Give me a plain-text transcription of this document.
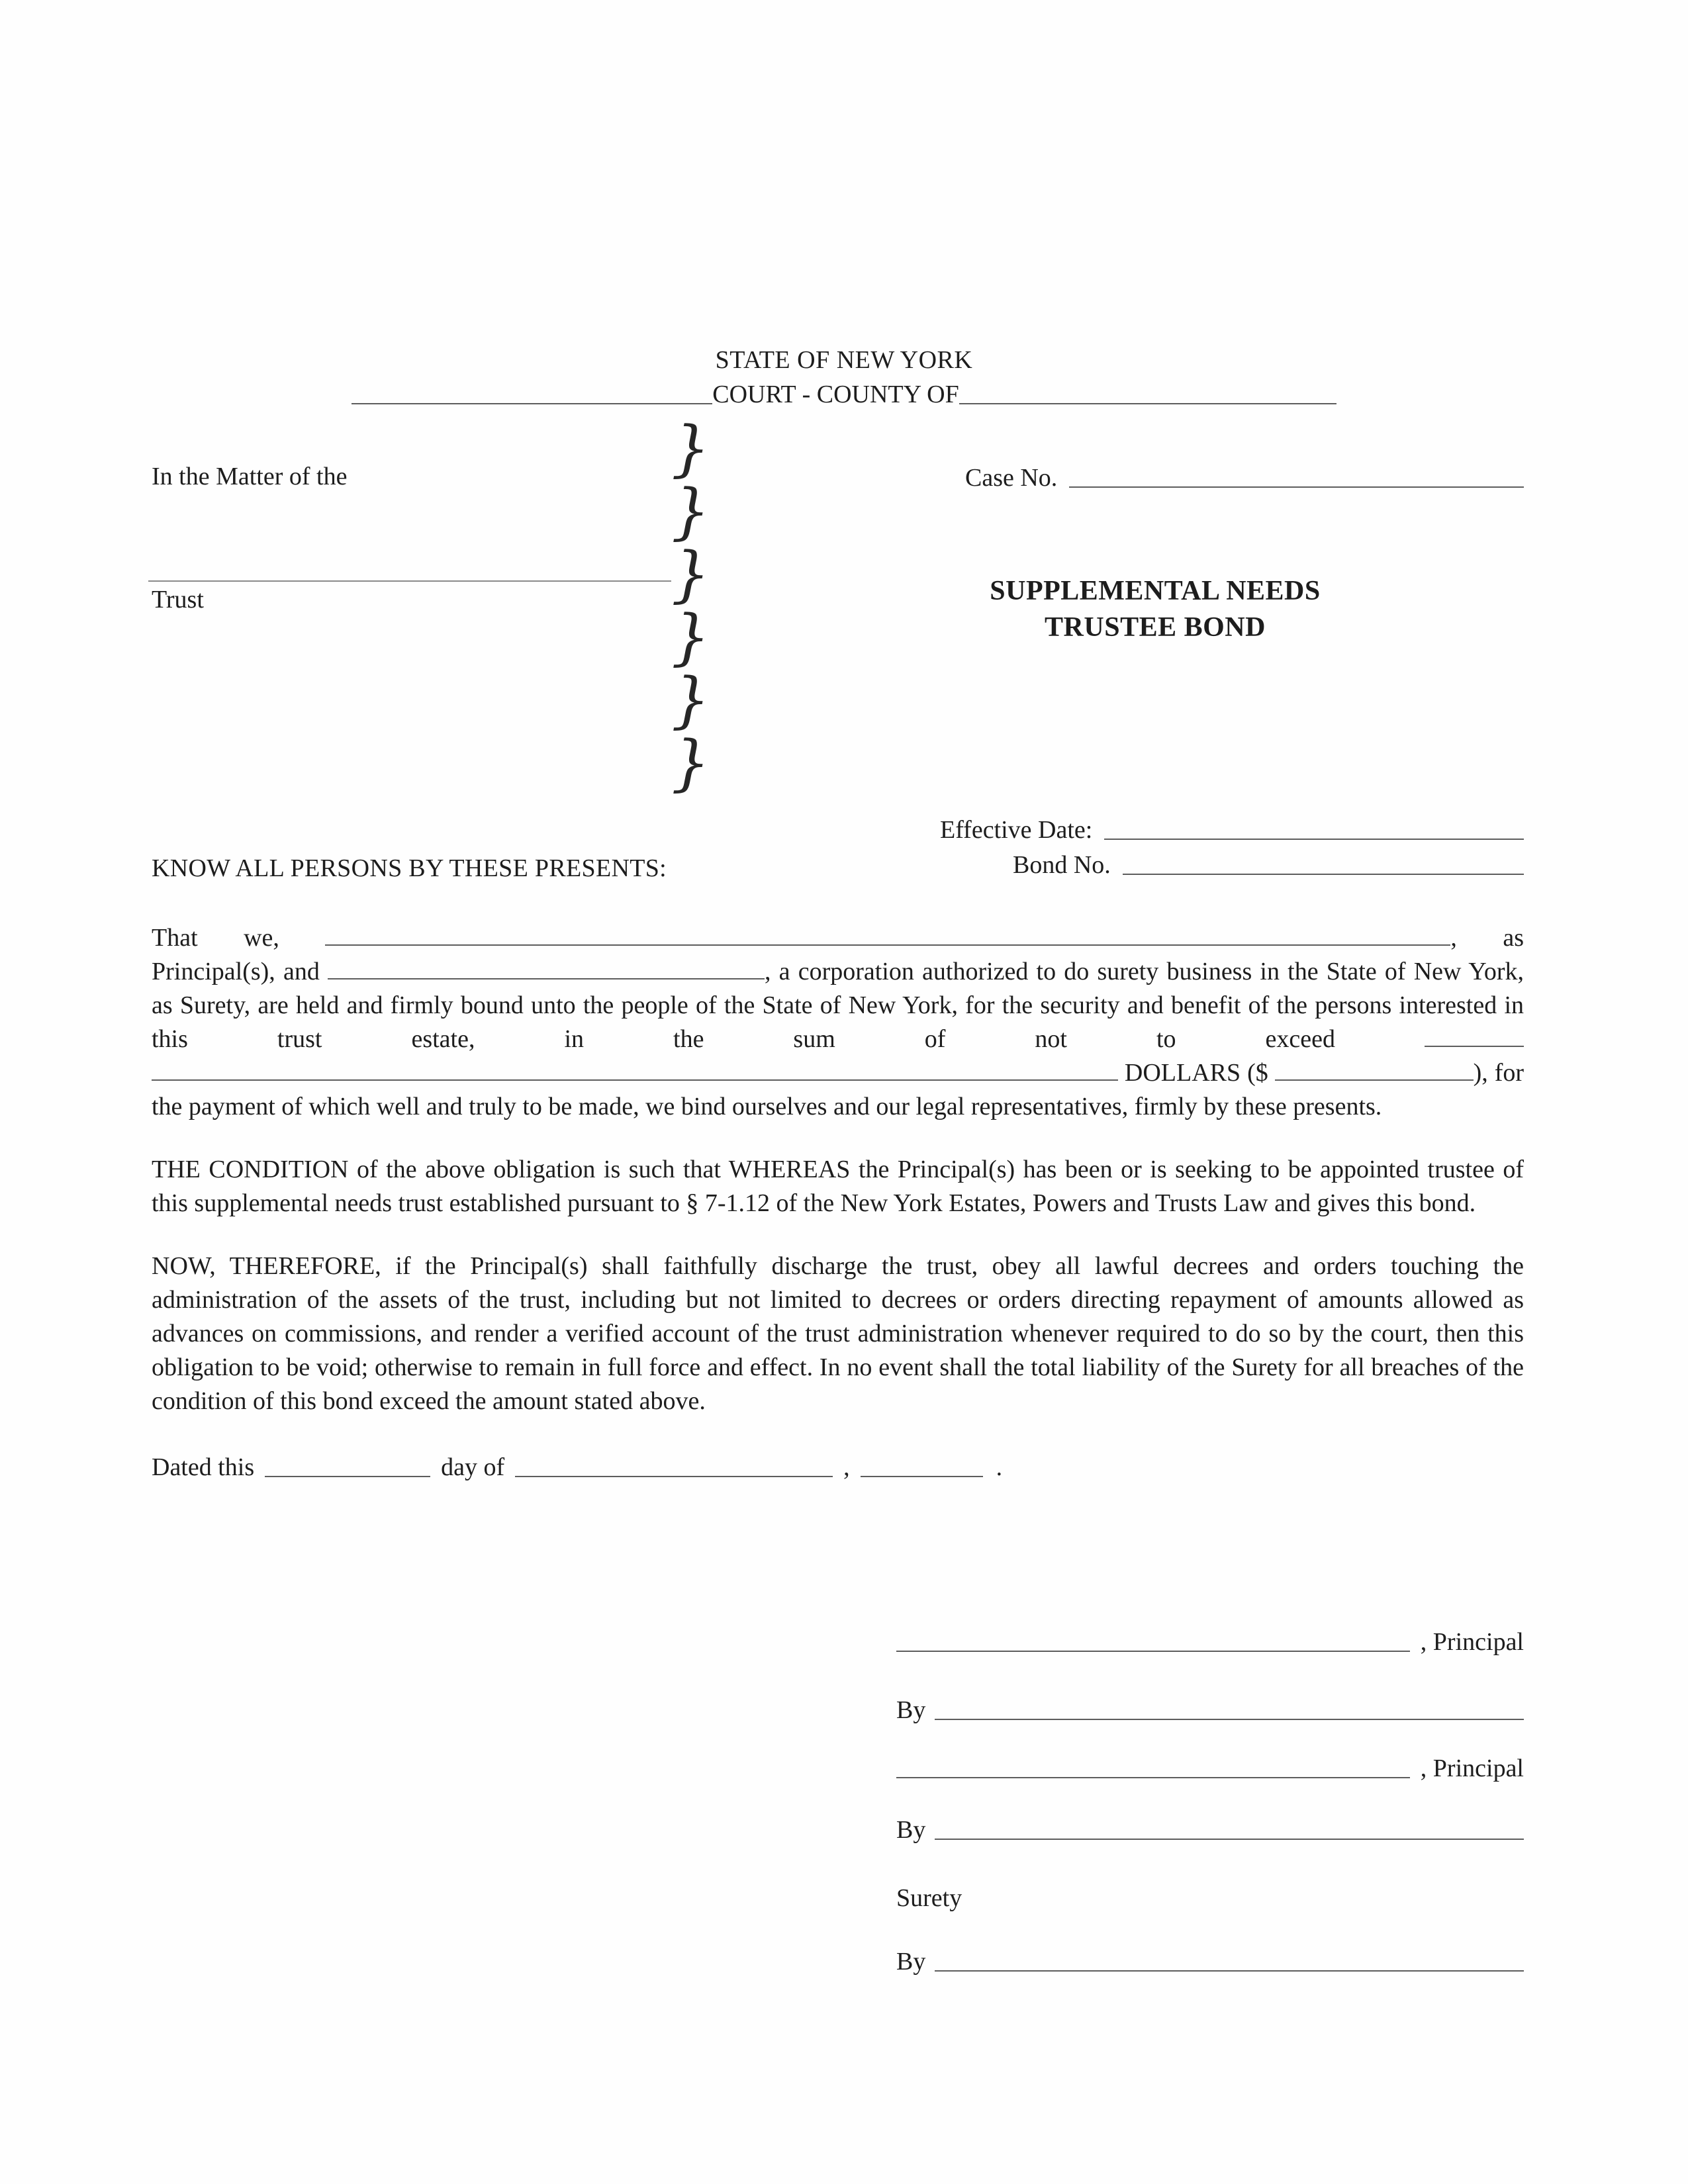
STATE OF NEW YORK
COURT - COUNTY OF
In the Matter of the
Trust
}
}
}
}
}
}
Case No.
SUPPLEMENTAL NEEDS
TRUSTEE BOND
Effective Date:
Bond No.
KNOW ALL PERSONS BY THESE PRESENTS:

That we,	, as Principal(s), and	, a corporation authorized to do surety business in the State of New York, as Surety, are held and firmly bound unto the people of the State of New York, for the security and benefit of the persons interested in this trust estate, in the sum of not to exceed   DOLLARS ($	), for the payment of which well and truly to be made, we bind ourselves and our legal representatives, firmly by these presents.

THE CONDITION of the above obligation is such that WHEREAS the Principal(s) has been or is seeking to be appointed trustee of this supplemental needs trust established pursuant to § 7-1.12 of the New York Estates, Powers and Trusts Law and gives this bond.

NOW, THEREFORE, if the Principal(s) shall faithfully discharge the trust, obey all lawful decrees and orders touching the administration of the assets of the trust, including but not limited to decrees or orders directing repayment of amounts allowed as advances on commissions, and render a verified account of the trust administration whenever required to do so by the court, then this obligation to be void; otherwise to remain in full force and effect. In no event shall the total liability of the Surety for all breaches of the condition of this bond exceed the amount stated above.

Dated this	day of	,	.
, Principal
By
, Principal
By
Surety
By
